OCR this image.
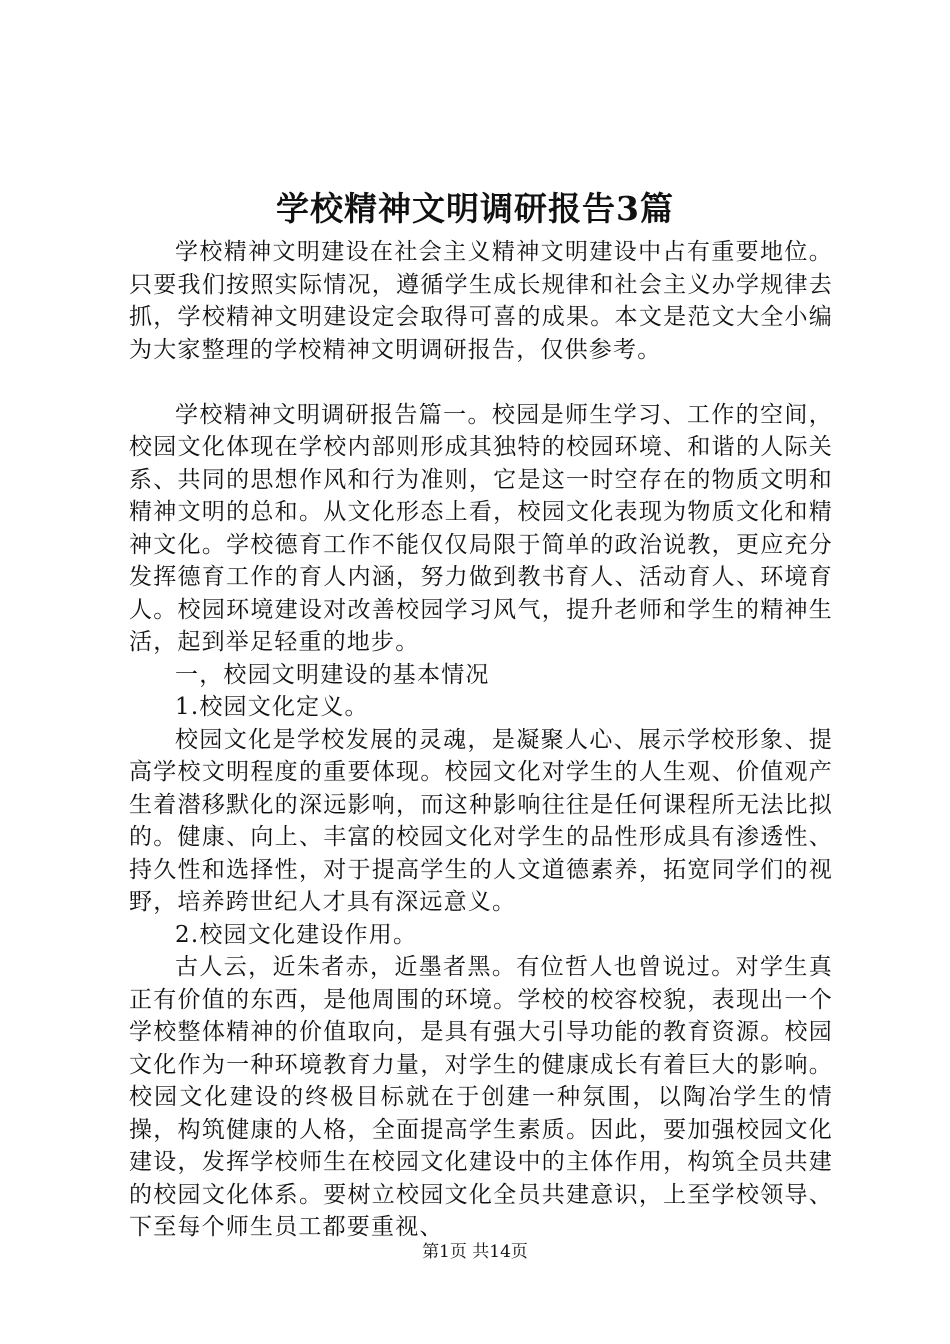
学校精神文明调研报告3篇

学校精神文明建设在社会主义精神文明建设中占有重要地位。只要我们按照实际情况，遵循学生成长规律和社会主义办学规律去抓，学校精神文明建设定会取得可喜的成果。本文是范文大全小编为大家整理的学校精神文明调研报告，仅供参考。

学校精神文明调研报告篇一。校园是师生学习、工作的空间，校园文化体现在学校内部则形成其独特的校园环境、和谐的人际关系、共同的思想作风和行为准则，它是这一时空存在的物质文明和精神文明的总和。从文化形态上看，校园文化表现为物质文化和精神文化。学校德育工作不能仅仅局限于简单的政治说教，更应充分发挥德育工作的育人内涵，努力做到教书育人、活动育人、环境育人。校园环境建设对改善校园学习风气，提升老师和学生的精神生活，起到举足轻重的地步。

一，校园文明建设的基本情况

1.校园文化定义。

校园文化是学校发展的灵魂，是凝聚人心、展示学校形象、提高学校文明程度的重要体现。校园文化对学生的人生观、价值观产生着潜移默化的深远影响，而这种影响往往是任何课程所无法比拟的。健康、向上、丰富的校园文化对学生的品性形成具有渗透性、持久性和选择性，对于提高学生的人文道德素养，拓宽同学们的视野，培养跨世纪人才具有深远意义。

2.校园文化建设作用。

古人云，近朱者赤，近墨者黑。有位哲人也曾说过。对学生真正有价值的东西，是他周围的环境。学校的校容校貌，表现出一个学校整体精神的价值取向，是具有强大引导功能的教育资源。校园文化作为一种环境教育力量，对学生的健康成长有着巨大的影响。校园文化建设的终极目标就在于创建一种氛围，以陶冶学生的情操，构筑健康的人格，全面提高学生素质。因此，要加强校园文化建设，发挥学校师生在校园文化建设中的主体作用，构筑全员共建的校园文化体系。要树立校园文化全员共建意识，上至学校领导、下至每个师生员工都要重视、

第1页 共14页
